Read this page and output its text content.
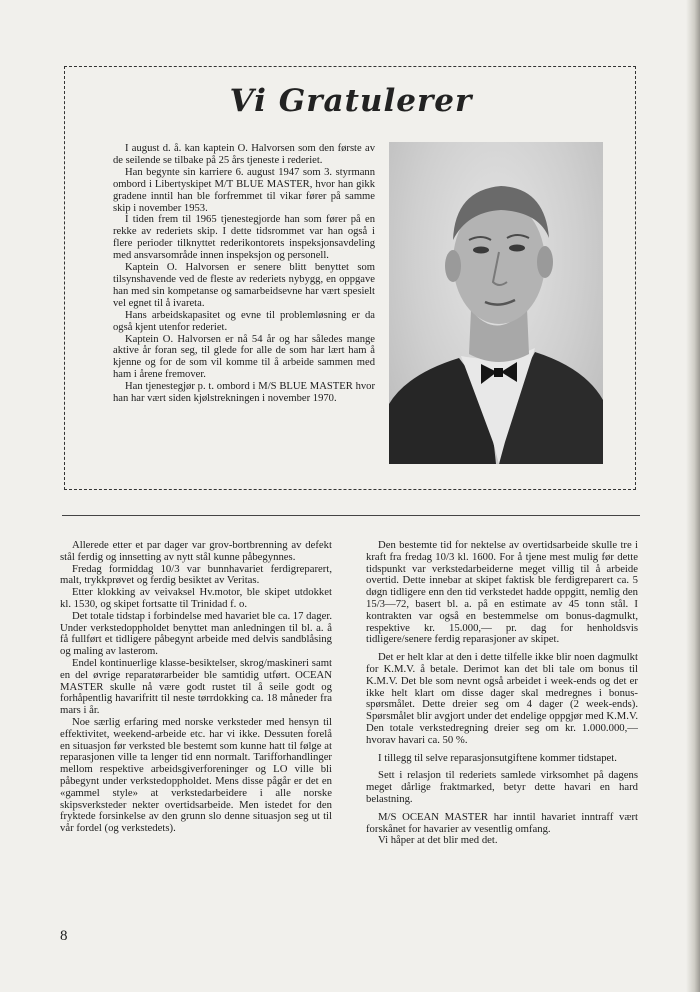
Vi Gratulerer

I august d. å. kan kaptein O. Halvorsen som den første av de seilende se tilbake på 25 års tjeneste i rederiet.

Han begynte sin karriere 6. august 1947 som 3. styrmann ombord i Libertyskipet M/T BLUE MASTER, hvor han gikk gradene inntil han ble forfremmet til vikar fører på samme skip i november 1953.

I tiden frem til 1965 tjenestegjorde han som fører på en rekke av rederiets skip. I dette tidsrommet var han også i flere perioder tilknyttet rederikontorets inspeksjonsavdeling med ansvarsområde innen inspeksjon og personell.

Kaptein O. Halvorsen er senere blitt benyttet som tilsynshavende ved de fleste av rederiets nybygg, en oppgave han med sin kompetanse og samarbeidsevne har vært spesielt vel egnet til å ivareta.

Hans arbeidskapasitet og evne til problemløsning er da også kjent utenfor rederiet.

Kaptein O. Halvorsen er nå 54 år og har således mange aktive år foran seg, til glede for alle de som har lært ham å kjenne og for de som vil komme til å arbeide sammen med ham i årene fremover.

Han tjenestegjør p. t. ombord i M/S BLUE MASTER hvor han har vært siden kjølstrekningen i november 1970.

Allerede etter et par dager var grov-bortbrenning av defekt stål ferdig og innsetting av nytt stål kunne påbegynnes.

Fredag formiddag 10/3 var bunnhavariet ferdigreparert, malt, trykkprøvet og ferdig besiktet av Veritas.

Etter klokking av veivaksel Hv.motor, ble skipet utdokket kl. 1530, og skipet fortsatte til Trinidad f. o.

Det totale tidstap i forbindelse med havariet ble ca. 17 dager. Under verkstedoppholdet benyttet man anledningen til bl. a. å få fullført et tidligere påbegynt arbeide med delvis sandblåsing og maling av lasterom.

Endel kontinuerlige klasse-besiktelser, skrog/maskineri samt en del øvrige reparatørarbeider ble samtidig utført. OCEAN MASTER skulle nå være godt rustet til å seile godt og forhåpentlig havarifritt til neste tørrdokking ca. 18 måneder fra mars i år.

Noe særlig erfaring med norske verksteder med hensyn til effektivitet, weekend-arbeide etc. har vi ikke. Dessuten forelå en situasjon før verksted ble bestemt som kunne hatt til følge at reparasjonen ville ta lenger tid enn normalt. Tarifforhandlinger mellom respektive arbeidsgiverforeninger og LO ville bli påbegynt under verkstedoppholdet. Mens disse pågår er det en «gammel style» at verkstedarbeidere i alle norske skipsverksteder nekter overtidsarbeide. Men istedet for den fryktede forsinkelse av den grunn slo denne situasjon seg ut til vår fordel (og verkstedets).

Den bestemte tid for nektelse av overtidsarbeide skulle tre i kraft fra fredag 10/3 kl. 1600. For å tjene mest mulig før dette tidspunkt var verkstedarbeiderne meget villig til å arbeide overtid. Dette innebar at skipet faktisk ble ferdigreparert ca. 5 døgn tidligere enn den tid verkstedet hadde oppgitt, nemlig den 15/3—72, basert bl. a. på en estimate av 45 tonn stål. I kontrakten var også en bestemmelse om bonus-dagmulkt, respektive kr. 15.000,— pr. dag for henholdsvis tidligere/senere ferdig reparasjoner av skipet.

Det er helt klar at den i dette tilfelle ikke blir noen dagmulkt for K.M.V. å betale. Derimot kan det bli tale om bonus til K.M.V. Det ble som nevnt også arbeidet i week-ends og det er ikke helt klart om disse dager skal medregnes i bonus-spørsmålet. Dette dreier seg om 4 dager (2 week-ends). Spørsmålet blir avgjort under det endelige oppgjør med K.M.V. Den totale verkstedregning dreier seg om kr. 1.000.000,— hvorav havari ca. 50 %.

I tillegg til selve reparasjonsutgiftene kommer tidstapet.

Sett i relasjon til rederiets samlede virksomhet på dagens meget dårlige fraktmarked, betyr dette havari en hard belastning.

M/S OCEAN MASTER har inntil havariet inntraff vært forskånet for havarier av vesentlig omfang.

Vi håper at det blir med det.

8
